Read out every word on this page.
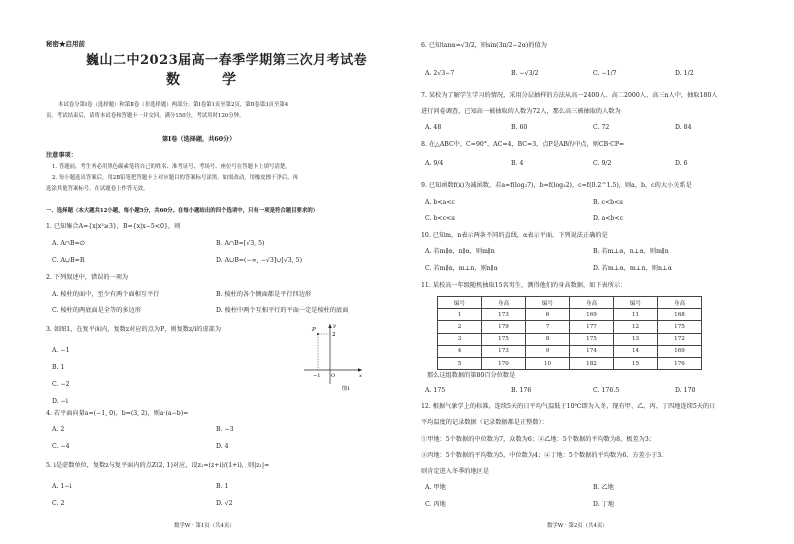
秘密★启用前
巍山二中2023届高一春季学期第三次月考试卷
数　学
本试卷分第Ⅰ卷（选择题）和第Ⅱ卷（非选择题）两部分。第Ⅰ卷第1页至第2页，第Ⅱ卷第3页至第4
页。考试结束后，请将本试卷和答题卡一并交回。满分150分，考试用时120分钟。
第Ⅰ卷（选择题，共60分）
注意事项：
1. 答题前，考生务必用黑色碳素笔将自己的姓名、准考证号、考场号、座位号在答题卡上填写清楚。
2. 每小题选出答案后，用2B铅笔把答题卡上对应题目的答案标号涂黑。如需改动，用橡皮擦干净后，再
选涂其他答案标号。在试题卷上作答无效。
一、选择题（本大题共12小题，每小题5分，共60分。在每小题给出的四个选项中，只有一项是符合题目要求的）
1. 已知集合A={x|x²≥3}，B={x|x−5<0}，则
A. A∩B=∅	B. A∩B=[√3, 5)
C. A∪B=R	D. A∪B=(−∞, −√3]∪[√3, 5)
2. 下列叙述中，错误的一项为
A. 棱柱的面中，至少有两个面相互平行	B. 棱柱的各个侧面都是平行四边形
C. 棱柱的两底面是全等的多边形	D. 棱柱中两个互相平行的平面一定是棱柱的底面
3. 如图1，在复平面内，复数z对应的点为P，则复数z/i的虚部为
A. −1
B. 1
C. −2
D. −i
P
2
O
−1	x
y
图1
4. 若平面向量a=(−1, 0)，b=(3, 2)，则a·(a−b)=
A. 2	B. −3
C. −4	D. 4
5. i是虚数单位，复数z与复平面内的点Z(2, 1)对应，设z₁=(z+i)/(1+i)，则|z₁|=
A. 1−i	B. 1
C. 2	D. √2
数学W · 第1页（共4页）
6. 已知tanα=√3/2，则sin(3π/2−2α)的值为
A. 2√3−7	B. −√3/2	C. −1/7	D. 1/2
7. 某校为了解学生学习的情况，采用分层抽样的方法从高一2400人、高二2000人、高三n人中，抽取180人
进行问卷调查，已知高一被抽取的人数为72人，那么高三被抽取的人数为
A. 48	B. 60	C. 72	D. 84
8. 在△ABC中，C=90°，AC=4，BC=3，点P是AB的中点，则CB·CP=
A. 9/4	B. 4	C. 9/2	D. 6
9. 已知函数f(x)为减函数，若a=f(log₂7)，b=f(log₃2)，c=f(0.2^1.5)，则a，b，c的大小关系是
A. b<a<c	B. c<b<a
C. b<c<a	D. a<b<c
10. 已知m，n表示两条不同的直线，α表示平面，下列说法正确的是
A. 若m∥α，n∥α，则m∥n	B. 若m⊥α，n⊥α，则m∥n
C. 若m∥α，m⊥n，则n∥α	D. 若m⊥α，m⊥n，则n⊥α
11. 某校高一年级随机抽取15名男生，测得他们的身高数据，如下表所示：
编号	身高	编号	身高	编号	身高
1	173	6	169	11	168
2	179	7	177	12	175
3	175	8	175	13	172
4	173	9	174	14	169
5	170	10	182	15	176
那么这组数据的第80百分位数是
A. 175	B. 176	C. 176.5	D. 170
12. 根据气象学上的标准，连续5天的日平均气温低于10℃即为入冬，现有甲、乙、丙、丁四地连续5天的日
平均温度的记录数据（记录数据都是正整数）：
①甲地：5个数据的中位数为7，众数为6；②乙地：5个数据的平均数为8，极差为3；
③丙地：5个数据的平均数为5，中位数为4；④丁地：5个数据的平均数为6，方差小于3.
则肯定进入冬季的地区是
A. 甲地	B. 乙地
C. 丙地	D. 丁地
数学W · 第2页（共4页）
